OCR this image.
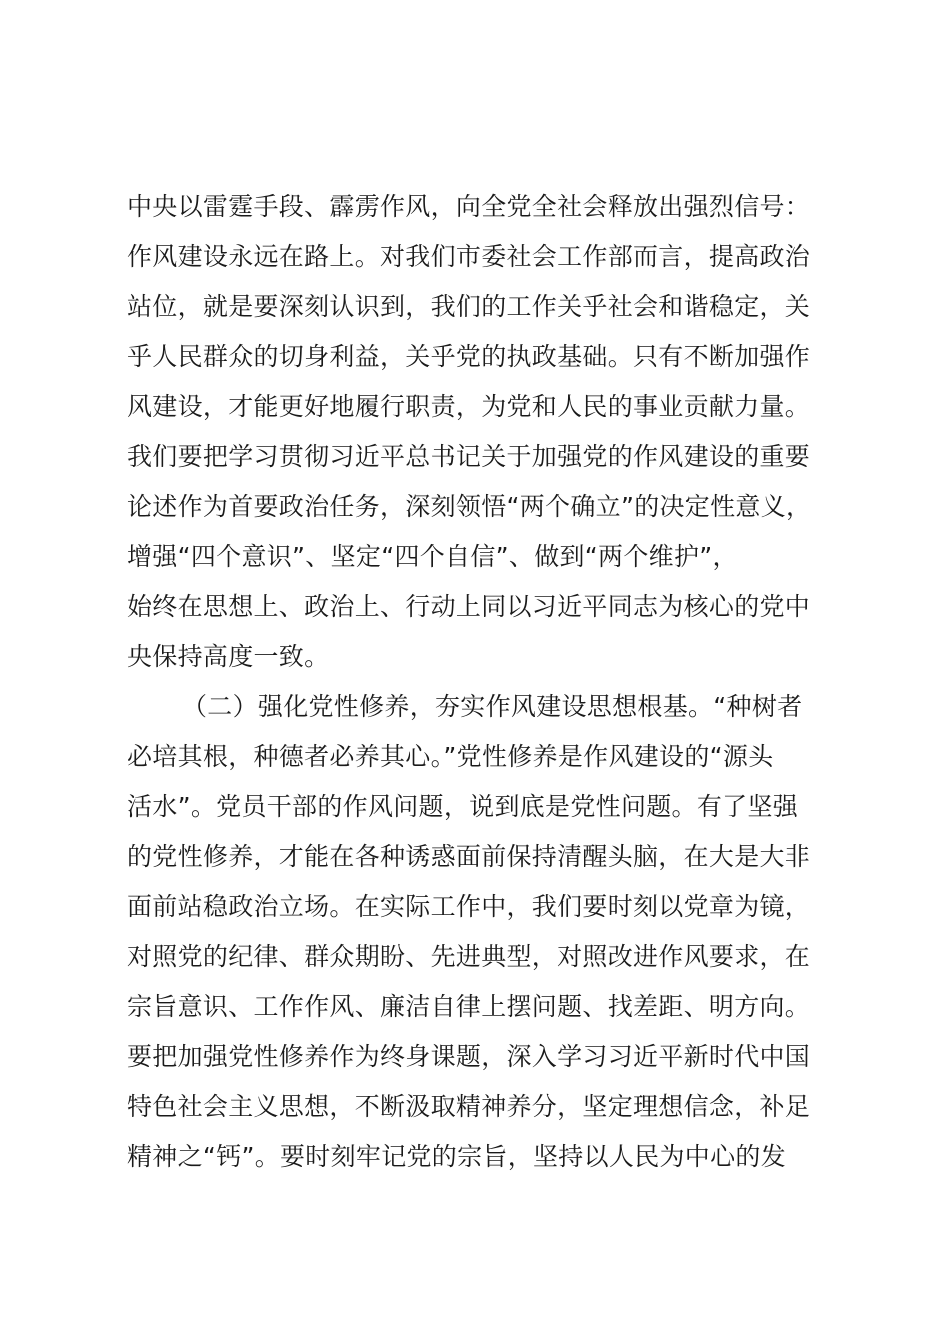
中央以雷霆手段、霹雳作风，向全党全社会释放出强烈信号：
作风建设永远在路上。对我们市委社会工作部而言，提高政治
站位，就是要深刻认识到，我们的工作关乎社会和谐稳定，关
乎人民群众的切身利益，关乎党的执政基础。只有不断加强作
风建设，才能更好地履行职责，为党和人民的事业贡献力量。
我们要把学习贯彻习近平总书记关于加强党的作风建设的重要
论述作为首要政治任务，深刻领悟“两个确立”的决定性意义，
增强“四个意识”、坚定“四个自信”、做到“两个维护”，
始终在思想上、政治上、行动上同以习近平同志为核心的党中
央保持高度一致。
（二）强化党性修养，夯实作风建设思想根基。“种树者
必培其根，种德者必养其心。”党性修养是作风建设的“源头
活水”。党员干部的作风问题，说到底是党性问题。有了坚强
的党性修养，才能在各种诱惑面前保持清醒头脑，在大是大非
面前站稳政治立场。在实际工作中，我们要时刻以党章为镜，
对照党的纪律、群众期盼、先进典型，对照改进作风要求，在
宗旨意识、工作作风、廉洁自律上摆问题、找差距、明方向。
要把加强党性修养作为终身课题，深入学习习近平新时代中国
特色社会主义思想，不断汲取精神养分，坚定理想信念，补足
精神之“钙”。要时刻牢记党的宗旨，坚持以人民为中心的发
